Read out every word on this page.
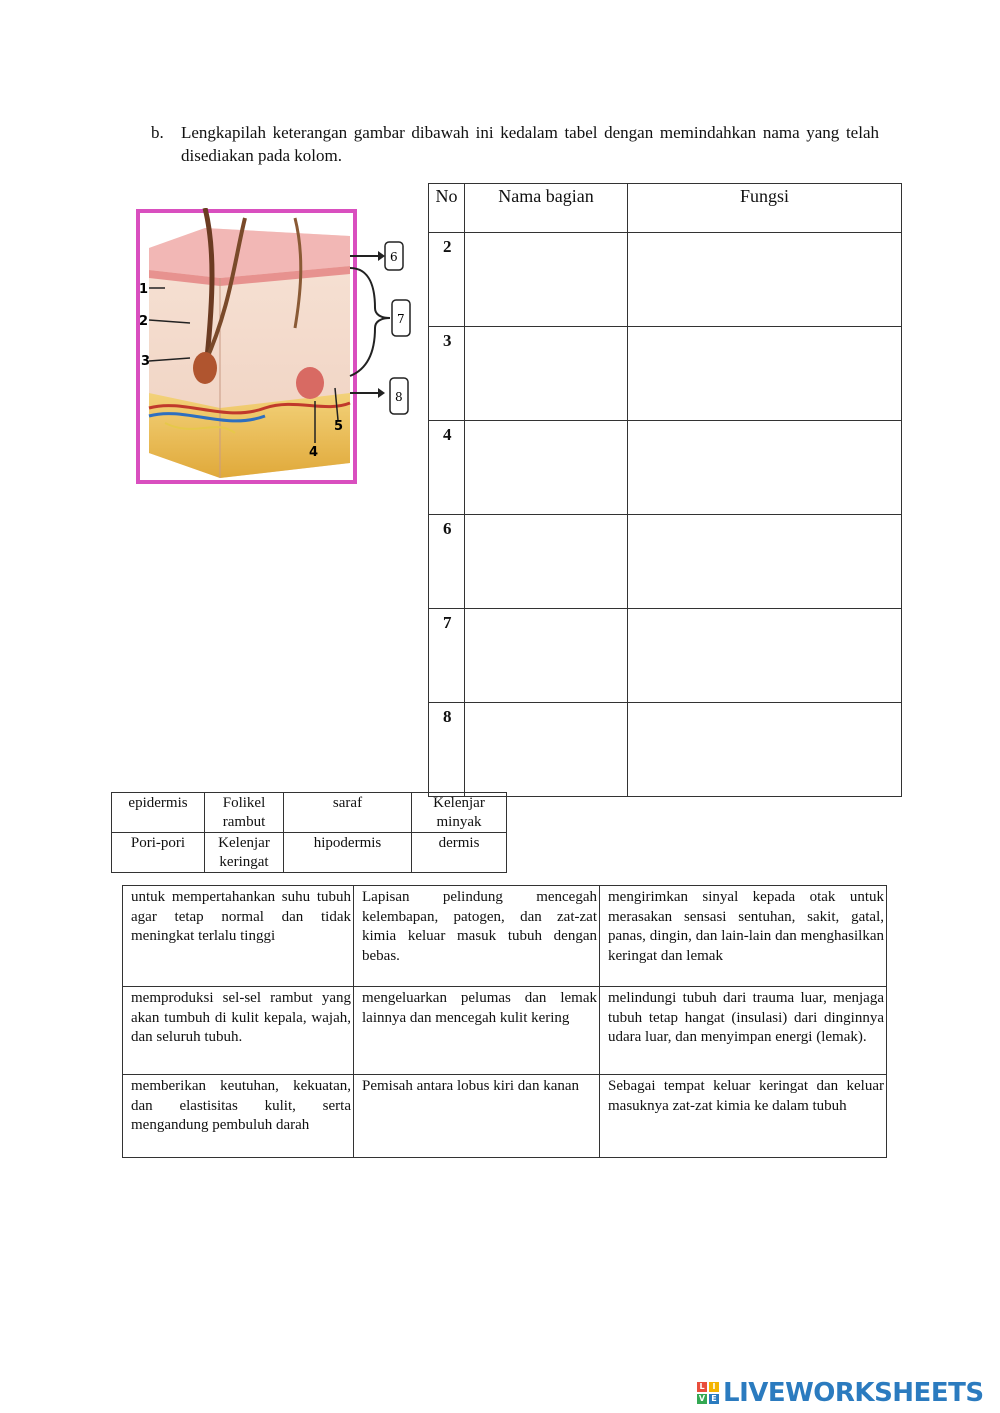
b. Lengkapilah keterangan gambar dibawah ini kedalam tabel dengan memindahkan nama yang telah disediakan pada kolom.
1
2
3
4
5
6
7
8
No	Nama bagian	Fungsi
2	

3	

4	

6	

7	

8	

epidermis	Folikel rambut	saraf	Kelenjar minyak
Pori-pori	Kelenjar keringat	hipodermis	dermis
untuk mempertahankan suhu tubuh agar tetap normal dan tidak meningkat terlalu tinggi	Lapisan pelindung mencegah kelembapan, patogen, dan zat-zat kimia keluar masuk tubuh dengan bebas.	mengirimkan sinyal kepada otak untuk merasakan sensasi sentuhan, sakit, gatal, panas, dingin, dan lain-lain dan menghasilkan keringat dan lemak
memproduksi sel-sel rambut yang akan tumbuh di kulit kepala, wajah, dan seluruh tubuh.	mengeluarkan pelumas dan lemak lainnya dan mencegah kulit kering	melindungi tubuh dari trauma luar, menjaga tubuh tetap hangat (insulasi) dari dinginnya udara luar, dan menyimpan energi (lemak).
memberikan keutuhan, kekuatan, dan elastisitas kulit, serta mengandung pembuluh darah	Pemisah antara lobus kiri dan kanan	Sebagai tempat keluar keringat dan keluar masuknya zat-zat kimia ke dalam tubuh
L I
V E LIVEWORKSHEETS
